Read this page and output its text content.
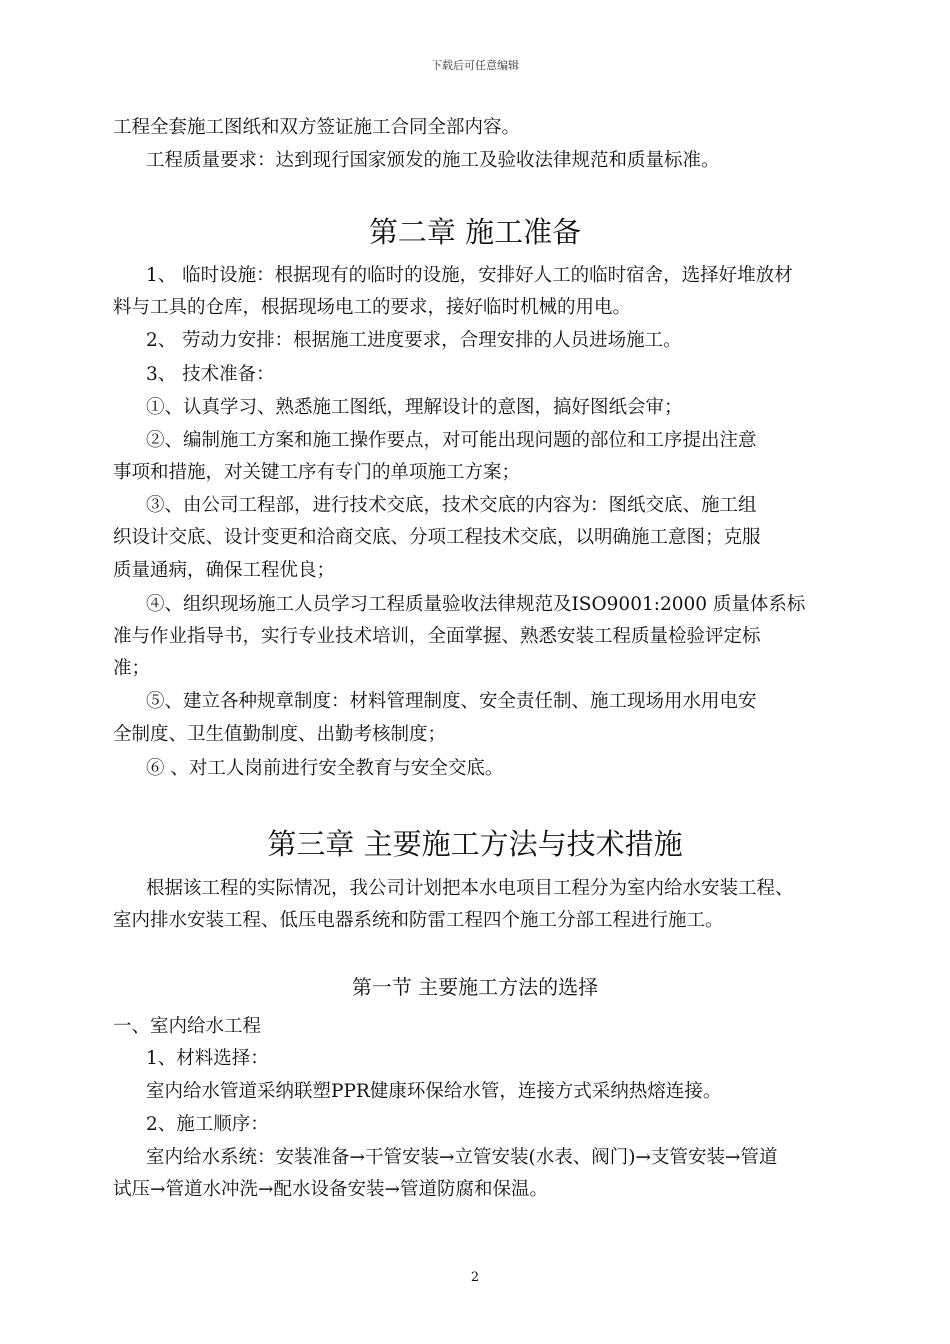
下载后可任意编辑
工程全套施工图纸和双方签证施工合同全部内容。
工程质量要求：达到现行国家颁发的施工及验收法律规范和质量标准。
第二章 施工准备
1、 临时设施：根据现有的临时的设施，安排好人工的临时宿舍，选择好堆放材
料与工具的仓库，根据现场电工的要求，接好临时机械的用电。
2、 劳动力安排：根据施工进度要求，合理安排的人员进场施工。
3、 技术准备：
①、认真学习、熟悉施工图纸，理解设计的意图，搞好图纸会审；
②、编制施工方案和施工操作要点，对可能出现问题的部位和工序提出注意
事项和措施，对关键工序有专门的单项施工方案；
③、由公司工程部，进行技术交底，技术交底的内容为：图纸交底、施工组
织设计交底、设计变更和洽商交底、分项工程技术交底，以明确施工意图；克服
质量通病，确保工程优良；
④、组织现场施工人员学习工程质量验收法律规范及ISO9001:2000 质量体系标
准与作业指导书，实行专业技术培训，全面掌握、熟悉安装工程质量检验评定标
准；
⑤、建立各种规章制度：材料管理制度、安全责任制、施工现场用水用电安
全制度、卫生值勤制度、出勤考核制度；
⑥ 、对工人岗前进行安全教育与安全交底。
第三章 主要施工方法与技术措施
根据该工程的实际情况，我公司计划把本水电项目工程分为室内给水安装工程、
室内排水安装工程、低压电器系统和防雷工程四个施工分部工程进行施工。
第一节 主要施工方法的选择
一、室内给水工程
1、材料选择：
室内给水管道采纳联塑PPR健康环保给水管，连接方式采纳热熔连接。
2、施工顺序：
室内给水系统：安装准备→干管安装→立管安装(水表、阀门)→支管安装→管道
试压→管道水冲洗→配水设备安装→管道防腐和保温。
2
